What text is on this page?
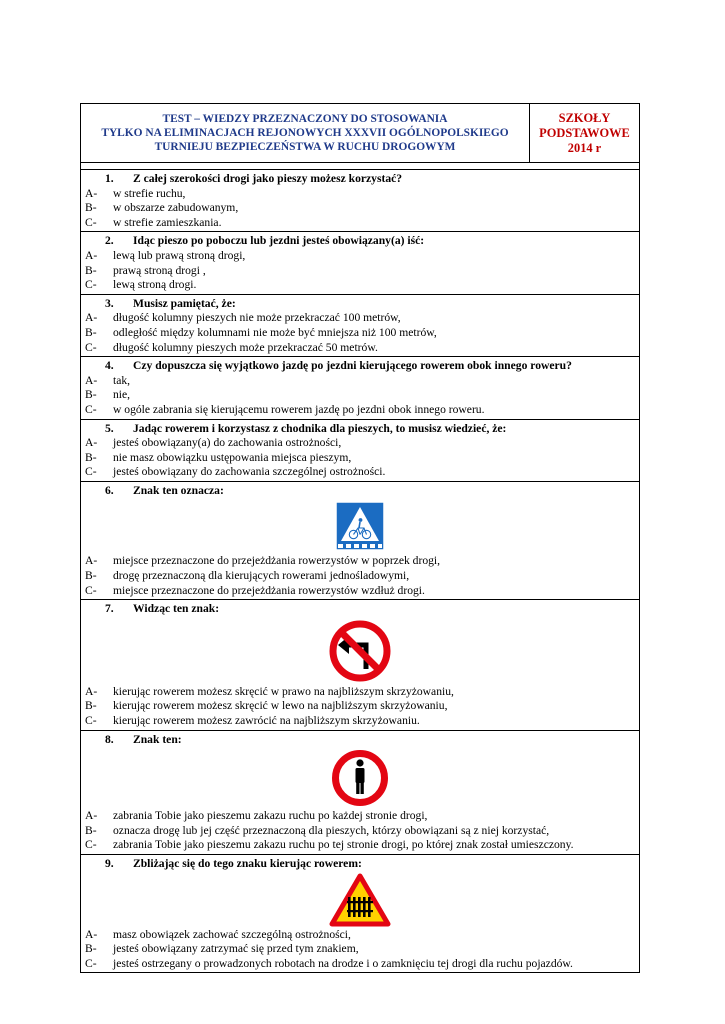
TEST – WIEDZY PRZEZNACZONY DO STOSOWANIA
TYLKO NA ELIMINACJACH REJONOWYCH XXXVII OGÓLNOPOLSKIEGO
TURNIEJU BEZPIECZEŃSTWA W RUCHU DROGOWYM

SZKOŁY
PODSTAWOWE
2014 r
1.	Z całej szerokości drogi jako pieszy możesz korzystać?
A-	w strefie ruchu,
B-	w obszarze zabudowanym,
C-	w strefie zamieszkania.
2.	Idąc pieszo po poboczu lub jezdni jesteś obowiązany(a) iść:
A-	lewą lub prawą stroną drogi,
B-	prawą stroną drogi ,
C-	lewą stroną drogi.
3.	Musisz pamiętać, że:
A-	długość kolumny pieszych nie może przekraczać 100 metrów,
B-	odległość między kolumnami nie może być mniejsza niż 100 metrów,
C-	długość kolumny pieszych może przekraczać 50 metrów.
4.	Czy dopuszcza się wyjątkowo jazdę po jezdni kierującego rowerem obok innego roweru?
A-	tak,
B-	nie,
C-	w ogóle zabrania się kierującemu rowerem jazdę po jezdni obok innego roweru.
5.	Jadąc rowerem i korzystasz z chodnika dla pieszych, to musisz wiedzieć, że:
A-	jesteś obowiązany(a) do zachowania ostrożności,
B-	nie masz obowiązku ustępowania miejsca pieszym,
C-	jesteś obowiązany do zachowania szczególnej ostrożności.
6.	Znak ten oznacza:
A-	miejsce przeznaczone do przejeżdżania rowerzystów w poprzek drogi,
B-	drogę przeznaczoną dla kierujących rowerami jednośladowymi,
C-	miejsce przeznaczone do przejeżdżania rowerzystów wzdłuż drogi.
7.	Widząc ten znak:
A-	kierując rowerem możesz skręcić w prawo na najbliższym skrzyżowaniu,
B-	kierując rowerem możesz skręcić w lewo na najbliższym skrzyżowaniu,
C-	kierując rowerem możesz zawrócić na najbliższym skrzyżowaniu.
8.	Znak ten:
A-	zabrania Tobie jako pieszemu zakazu ruchu po każdej stronie drogi,
B-	oznacza drogę lub jej część przeznaczoną dla pieszych, którzy obowiązani są z niej korzystać,
C-	zabrania Tobie jako pieszemu zakazu ruchu po tej stronie drogi, po której znak został umieszczony.
9.	Zbliżając się do tego znaku kierując rowerem:
A-	masz obowiązek zachować szczególną ostrożności,
B-	jesteś obowiązany zatrzymać się przed tym znakiem,
C-	jesteś ostrzegany o prowadzonych robotach na drodze i o zamknięciu tej drogi dla ruchu pojazdów.
